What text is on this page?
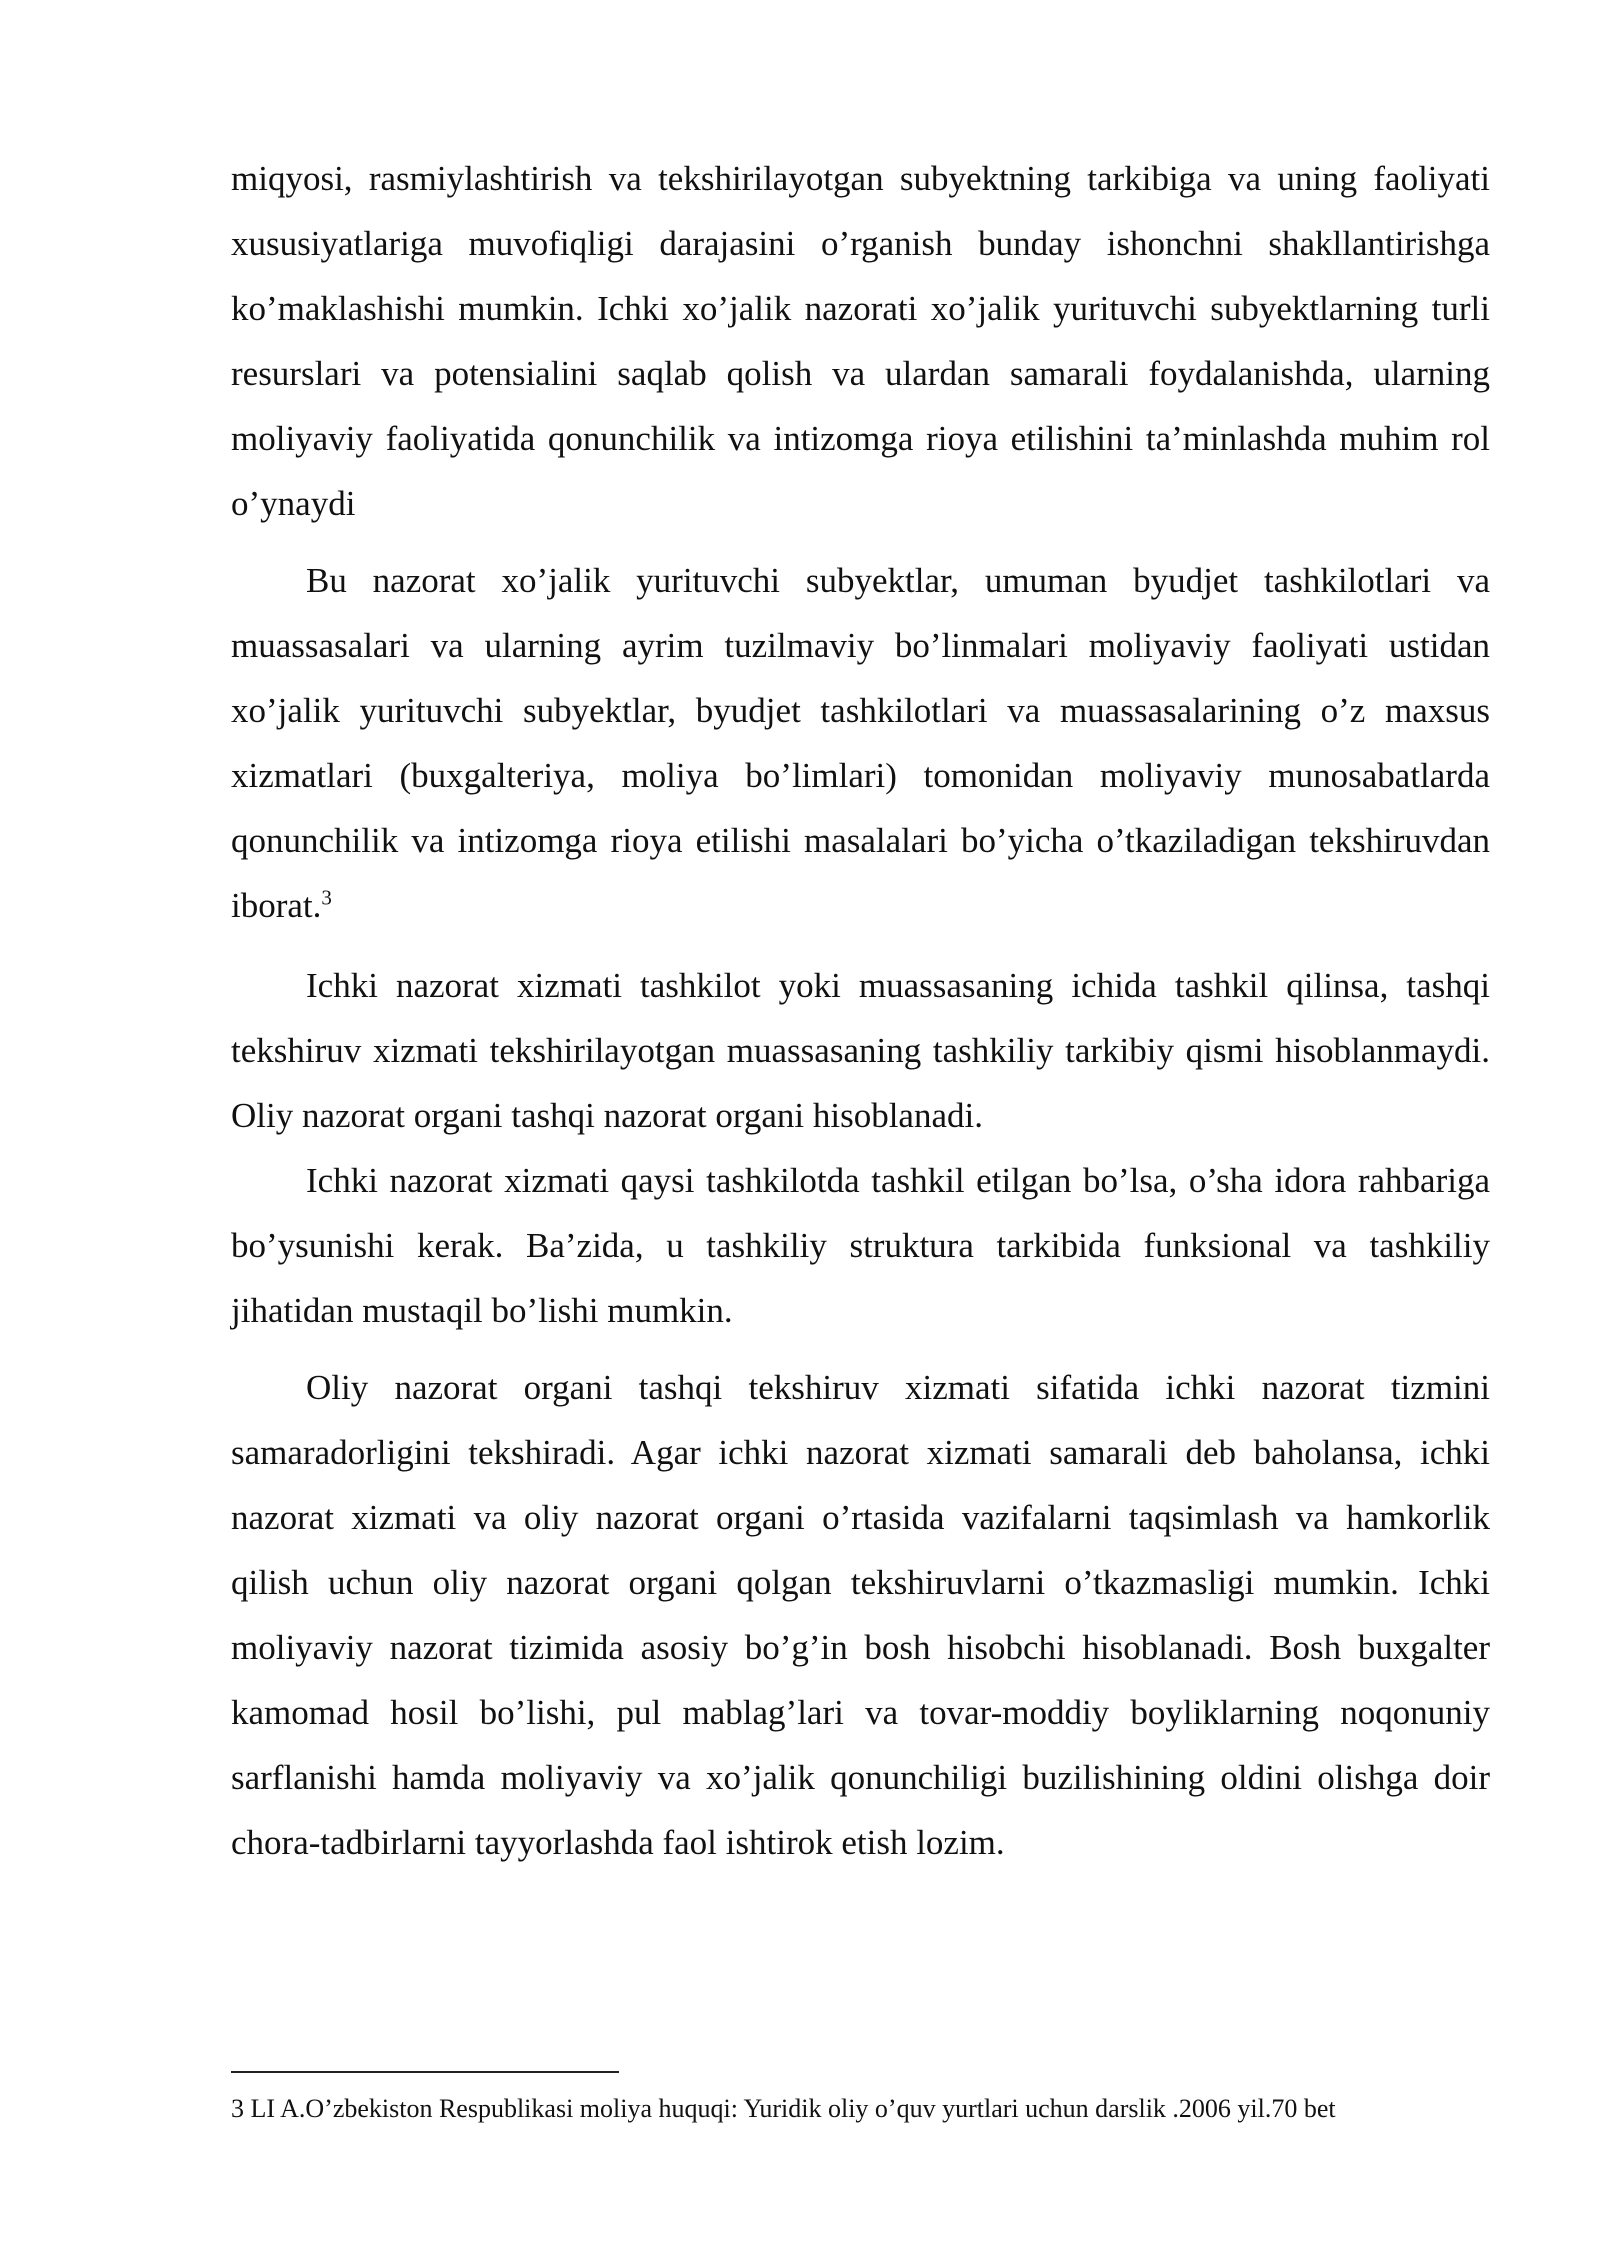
miqyosi, rasmiylashtirish va tekshirilayotgan subyektning tarkibiga va uning faoliyati xususiyatlariga muvofiqligi darajasini o’rganish bunday ishonchni shakllantirishga ko’maklashishi mumkin. Ichki xo’jalik nazorati xo’jalik yurituvchi subyektlarning turli resurslari va potensialini saqlab qolish va ulardan samarali foydalanishda, ularning moliyaviy faoliyatida qonunchilik va intizomga rioya etilishini ta’minlashda muhim rol o’ynaydi

Bu nazorat xo’jalik yurituvchi subyektlar, umuman byudjet tashkilotlari va muassasalari va ularning ayrim tuzilmaviy bo’linmalari moliyaviy faoliyati ustidan xo’jalik yurituvchi subyektlar, byudjet tashkilotlari va muassasalarining o’z maxsus xizmatlari (buxgalteriya, moliya bo’limlari) tomonidan moliyaviy munosabatlarda qonunchilik va intizomga rioya etilishi masalalari bo’yicha o’tkaziladigan tekshiruvdan iborat.$^3$

Ichki nazorat xizmati tashkilot yoki muassasaning ichida tashkil qilinsa, tashqi tekshiruv xizmati tekshirilayotgan muassasaning tashkiliy tarkibiy qismi hisoblanmaydi. Oliy nazorat organi tashqi nazorat organi hisoblanadi.

Ichki nazorat xizmati qaysi tashkilotda tashkil etilgan bo’lsa, o’sha idora rahbariga bo’ysunishi kerak. Ba’zida, u tashkiliy struktura tarkibida funksional va tashkiliy jihatidan mustaqil bo’lishi mumkin.

Oliy nazorat organi tashqi tekshiruv xizmati sifatida ichki nazorat tizmini samaradorligini tekshiradi. Agar ichki nazorat xizmati samarali deb baholansa, ichki nazorat xizmati va oliy nazorat organi o’rtasida vazifalarni taqsimlash va hamkorlik qilish uchun oliy nazorat organi qolgan tekshiruvlarni o’tkazmasligi mumkin. Ichki moliyaviy nazorat tizimida asosiy bo’g’in bosh hisobchi hisoblanadi. Bosh buxgalter kamomad hosil bo’lishi, pul mablag’lari va tovar-moddiy boyliklarning noqonuniy sarflanishi hamda moliyaviy va xo’jalik qonunchiligi buzilishining oldini olishga doir chora-tadbirlarni tayyorlashda faol ishtirok etish lozim.

3 LI A.O’zbekiston Respublikasi moliya huquqi: Yuridik oliy o’quv yurtlari uchun darslik .2006 yil.70 bet
